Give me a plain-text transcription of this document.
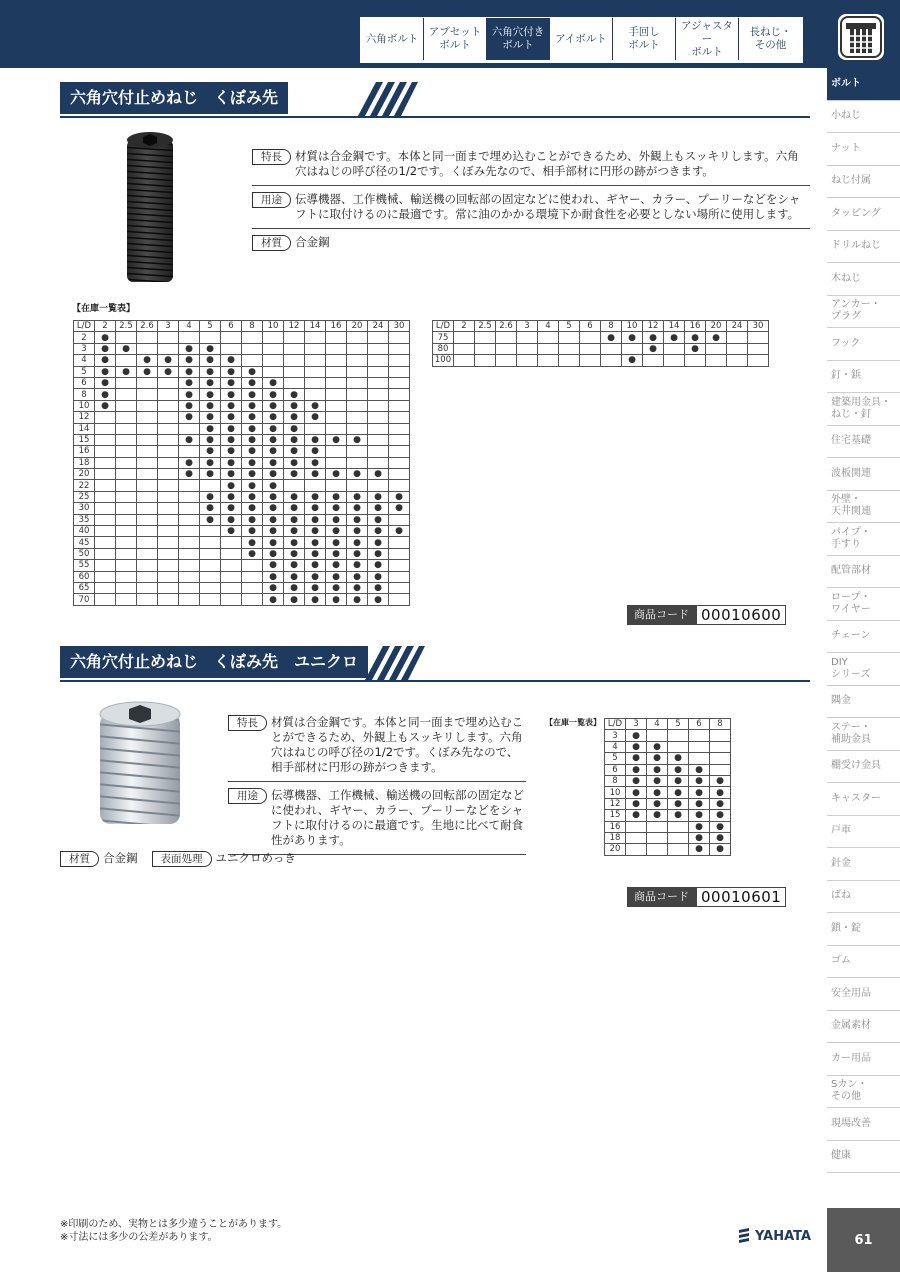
六角ボルト
アプセット
ボルト
六角穴付き
ボルト
アイボルト
手回し
ボルト
アジャスター
ボルト
長ねじ・
その他
ボルト
小ねじ
ナット
ねじ付属
タッピング
ドリルねじ
木ねじ
アンカー・
プラグ
フック
釘・鋲
建築用金具・
ねじ・釘
住宅基礎
波板関連
外壁・
天井関連
パイプ・
手すり
配管部材
ロープ・
ワイヤー
チェーン
DIY
シリーズ
隅金
ステー・
補助金具
棚受け金具
キャスター
戸車
針金
ばね
鎖・錠
ゴム
安全用品
金属素材
カー用品
Sカン・
その他
現場改善
健康
61
六角穴付止めねじ　くぼみ先
特長	材質は合金鋼です。本体と同一面まで埋め込むことができるため、外観上もスッキリします。六角穴はねじの呼び径の1/2です。くぼみ先なので、相手部材に円形の跡がつきます。
用途	伝導機器、工作機械、輸送機の回転部の固定などに使われ、ギヤー、カラー、プーリーなどをシャフトに取付けるのに最適です。常に油のかかる環境下か耐食性を必要としない場所に使用します。
材質	合金鋼
【在庫一覧表】
L/D	2	2.5	2.6	3	4	5	6	8	10	12	14	16	20	24	30
2	●														
3	●	●			●	●									
4	●		●	●	●	●	●								
5	●	●	●	●	●	●	●	●							
6	●				●	●	●	●	●						
8	●				●	●	●	●	●	●					
10	●				●	●	●	●	●	●	●				
12					●	●	●	●	●	●	●				
14						●	●	●	●	●					
15					●	●	●	●	●	●	●	●	●		
16						●	●	●	●	●	●				
18					●	●	●	●	●	●	●				
20					●	●	●	●	●	●	●	●	●	●	
22							●	●	●						
25						●	●	●	●	●	●	●	●	●	●
30						●	●	●	●	●	●	●	●	●	●
35						●	●	●	●	●	●	●	●	●	
40							●	●	●	●	●	●	●	●	●
45								●	●	●	●	●	●	●	
50								●	●	●	●	●	●	●	
55									●	●	●	●	●	●	
60									●	●	●	●	●	●	
65									●	●	●	●	●	●	
70									●	●	●	●	●	●	
L/D	2	2.5	2.6	3	4	5	6	8	10	12	14	16	20	24	30
75								●	●	●	●	●	●		
80										●		●			
100									●						
商品コード 00010600
六角穴付止めねじ　くぼみ先　ユニクロ
特長	材質は合金鋼です。本体と同一面まで埋め込むことができるため、外観上もスッキリします。六角穴はねじの呼び径の1/2です。くぼみ先なので、相手部材に円形の跡がつきます。
用途	伝導機器、工作機械、輸送機の回転部の固定などに使われ、ギヤー、カラー、プーリーなどをシャフトに取付けるのに最適です。生地に比べて耐食性があります。
材質	合金鋼	表面処理	ユニクロめっき
【在庫一覧表】 L/D	3	4	5	6	8
3	●				
4	●	●			
5	●	●	●		
6	●	●	●	●	
8	●	●	●	●	●
10	●	●	●	●	●
12	●	●	●	●	●
15	●	●	●	●	●
16				●	●
18				●	●
20				●	●
商品コード 00010601
※印刷のため、実物とは多少違うことがあります。
※寸法には多少の公差があります。	YAHATA
